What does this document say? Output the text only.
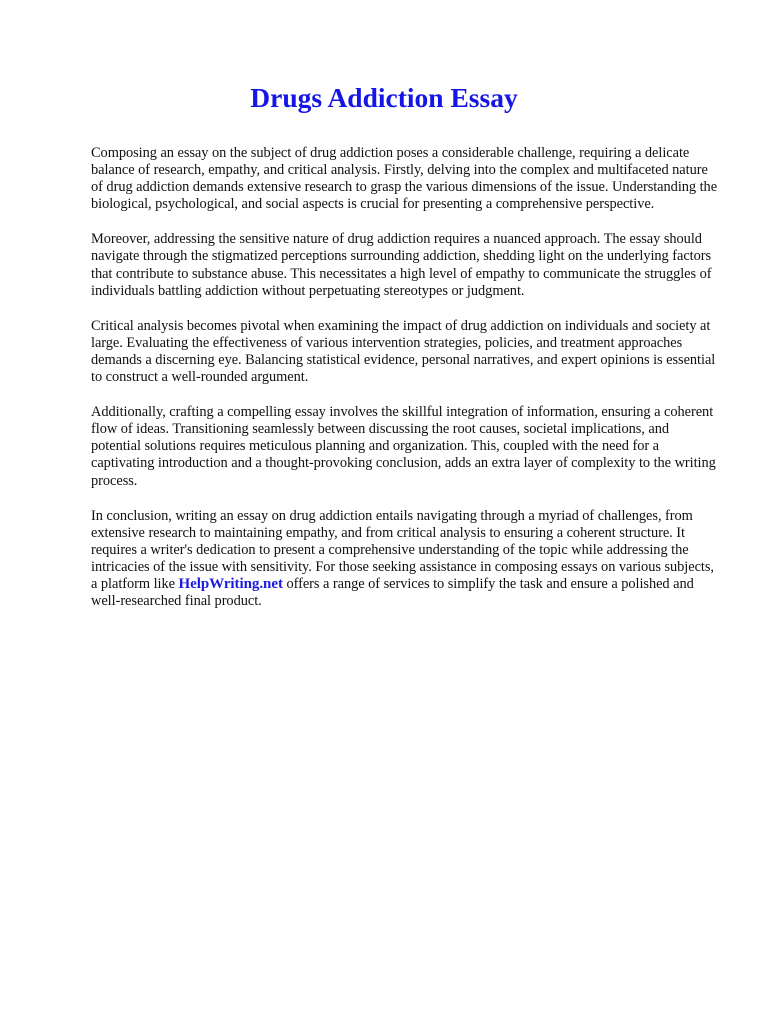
Drugs Addiction Essay

Composing an essay on the subject of drug addiction poses a considerable challenge, requiring a delicate balance of research, empathy, and critical analysis. Firstly, delving into the complex and multifaceted nature of drug addiction demands extensive research to grasp the various dimensions of the issue. Understanding the biological, psychological, and social aspects is crucial for presenting a comprehensive perspective.

Moreover, addressing the sensitive nature of drug addiction requires a nuanced approach. The essay should navigate through the stigmatized perceptions surrounding addiction, shedding light on the underlying factors that contribute to substance abuse. This necessitates a high level of empathy to communicate the struggles of individuals battling addiction without perpetuating stereotypes or judgment.

Critical analysis becomes pivotal when examining the impact of drug addiction on individuals and society at large. Evaluating the effectiveness of various intervention strategies, policies, and treatment approaches demands a discerning eye. Balancing statistical evidence, personal narratives, and expert opinions is essential to construct a well-rounded argument.

Additionally, crafting a compelling essay involves the skillful integration of information, ensuring a coherent flow of ideas. Transitioning seamlessly between discussing the root causes, societal implications, and potential solutions requires meticulous planning and organization. This, coupled with the need for a captivating introduction and a thought-provoking conclusion, adds an extra layer of complexity to the writing process.

In conclusion, writing an essay on drug addiction entails navigating through a myriad of challenges, from extensive research to maintaining empathy, and from critical analysis to ensuring a coherent structure. It requires a writer's dedication to present a comprehensive understanding of the topic while addressing the intricacies of the issue with sensitivity. For those seeking assistance in composing essays on various subjects, a platform like HelpWriting.net offers a range of services to simplify the task and ensure a polished and well-researched final product.
